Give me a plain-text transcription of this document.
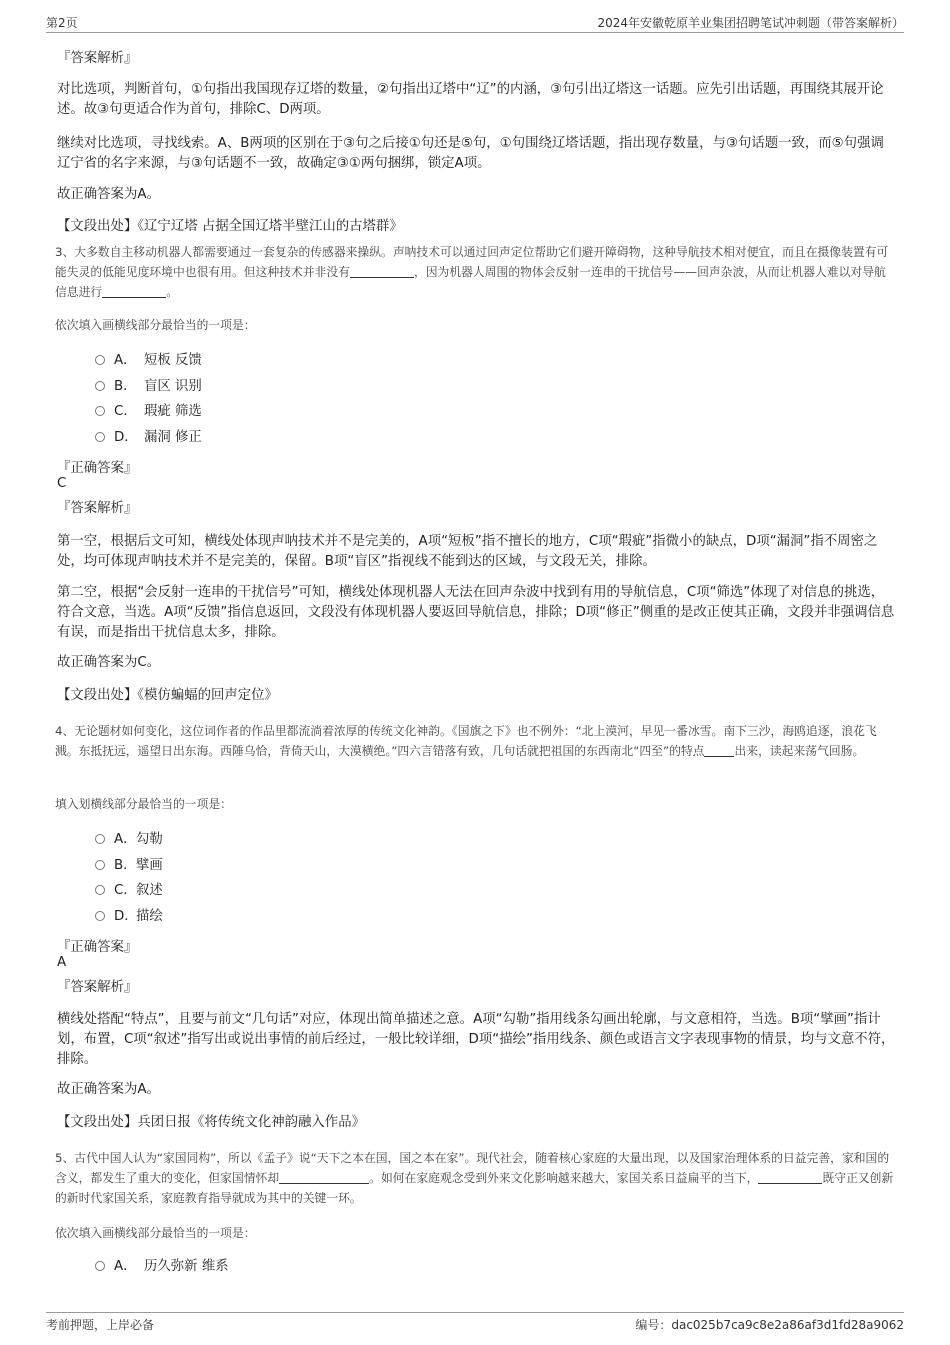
第2页	2024年安徽乾原羊业集团招聘笔试冲刺题（带答案解析）
『答案解析』
对比选项，判断首句，①句指出我国现存辽塔的数量，②句指出辽塔中“辽”的内涵，③句引出辽塔这一话题。应先引出话题，再围绕其展开论述。故③句更适合作为首句，排除C、D两项。
继续对比选项，寻找线索。A、B两项的区别在于③句之后接①句还是⑤句，①句围绕辽塔话题，指出现存数量，与③句话题一致，而⑤句强调辽宁省的名字来源，与③句话题不一致，故确定③①两句捆绑，锁定A项。
故正确答案为A。
【文段出处】《辽宁辽塔 占据全国辽塔半壁江山的古塔群》
3、大多数自主移动机器人都需要通过一套复杂的传感器来操纵。声呐技术可以通过回声定位帮助它们避开障碍物，这种导航技术相对便宜，而且在摄像装置有可能失灵的低能见度环境中也很有用。但这种技术并非没有	，因为机器人周围的物体会反射一连串的干扰信号——回声杂波，从而让机器人难以对导航信息进行	。
依次填入画横线部分最恰当的一项是：
A． 短板 反馈
B． 盲区 识别
C． 瑕疵 筛选
D． 漏洞 修正
『正确答案』
C
『答案解析』
第一空，根据后文可知，横线处体现声呐技术并不是完美的，A项“短板”指不擅长的地方，C项“瑕疵”指微小的缺点，D项“漏洞”指不周密之处，均可体现声呐技术并不是完美的，保留。B项“盲区”指视线不能到达的区域，与文段无关，排除。
第二空，根据“会反射一连串的干扰信号”可知，横线处体现机器人无法在回声杂波中找到有用的导航信息，C项“筛选”体现了对信息的挑选，符合文意，当选。A项“反馈”指信息返回，文段没有体现机器人要返回导航信息，排除；D项“修正”侧重的是改正使其正确，文段并非强调信息有误，而是指出干扰信息太多，排除。
故正确答案为C。
【文段出处】《模仿蝙蝠的回声定位》
4、无论题材如何变化，这位词作者的作品里都流淌着浓厚的传统文化神韵。《国旗之下》也不例外：“北上漠河，早见一番冰雪。南下三沙，海鸥追逐，浪花飞溅。东抵抚远，遥望日出东海。西陲乌恰，背倚天山，大漠横绝。”四六言错落有致，几句话就把祖国的东西南北“四至”的特点	出来，读起来荡气回肠。
填入划横线部分最恰当的一项是：
A．勾勒
B．擘画
C．叙述
D．描绘
『正确答案』
A
『答案解析』
横线处搭配“特点”，且要与前文“几句话”对应，体现出简单描述之意。A项“勾勒”指用线条勾画出轮廓，与文意相符，当选。B项“擘画”指计划，布置，C项“叙述”指写出或说出事情的前后经过，一般比较详细，D项“描绘”指用线条、颜色或语言文字表现事物的情景，均与文意不符，排除。
故正确答案为A。
【文段出处】兵团日报《将传统文化神韵融入作品》
5、古代中国人认为“家国同构”，所以《孟子》说“天下之本在国，国之本在家”。现代社会，随着核心家庭的大量出现，以及国家治理体系的日益完善，家和国的含义，都发生了重大的变化，但家国情怀却	。如何在家庭观念受到外来文化影响越来越大，家国关系日益扁平的当下，	既守正又创新的新时代家国关系，家庭教育指导就成为其中的关键一环。
依次填入画横线部分最恰当的一项是：
A． 历久弥新 维系
考前押题，上岸必备	编号：dac025b7ca9c8e2a86af3d1fd28a9062
